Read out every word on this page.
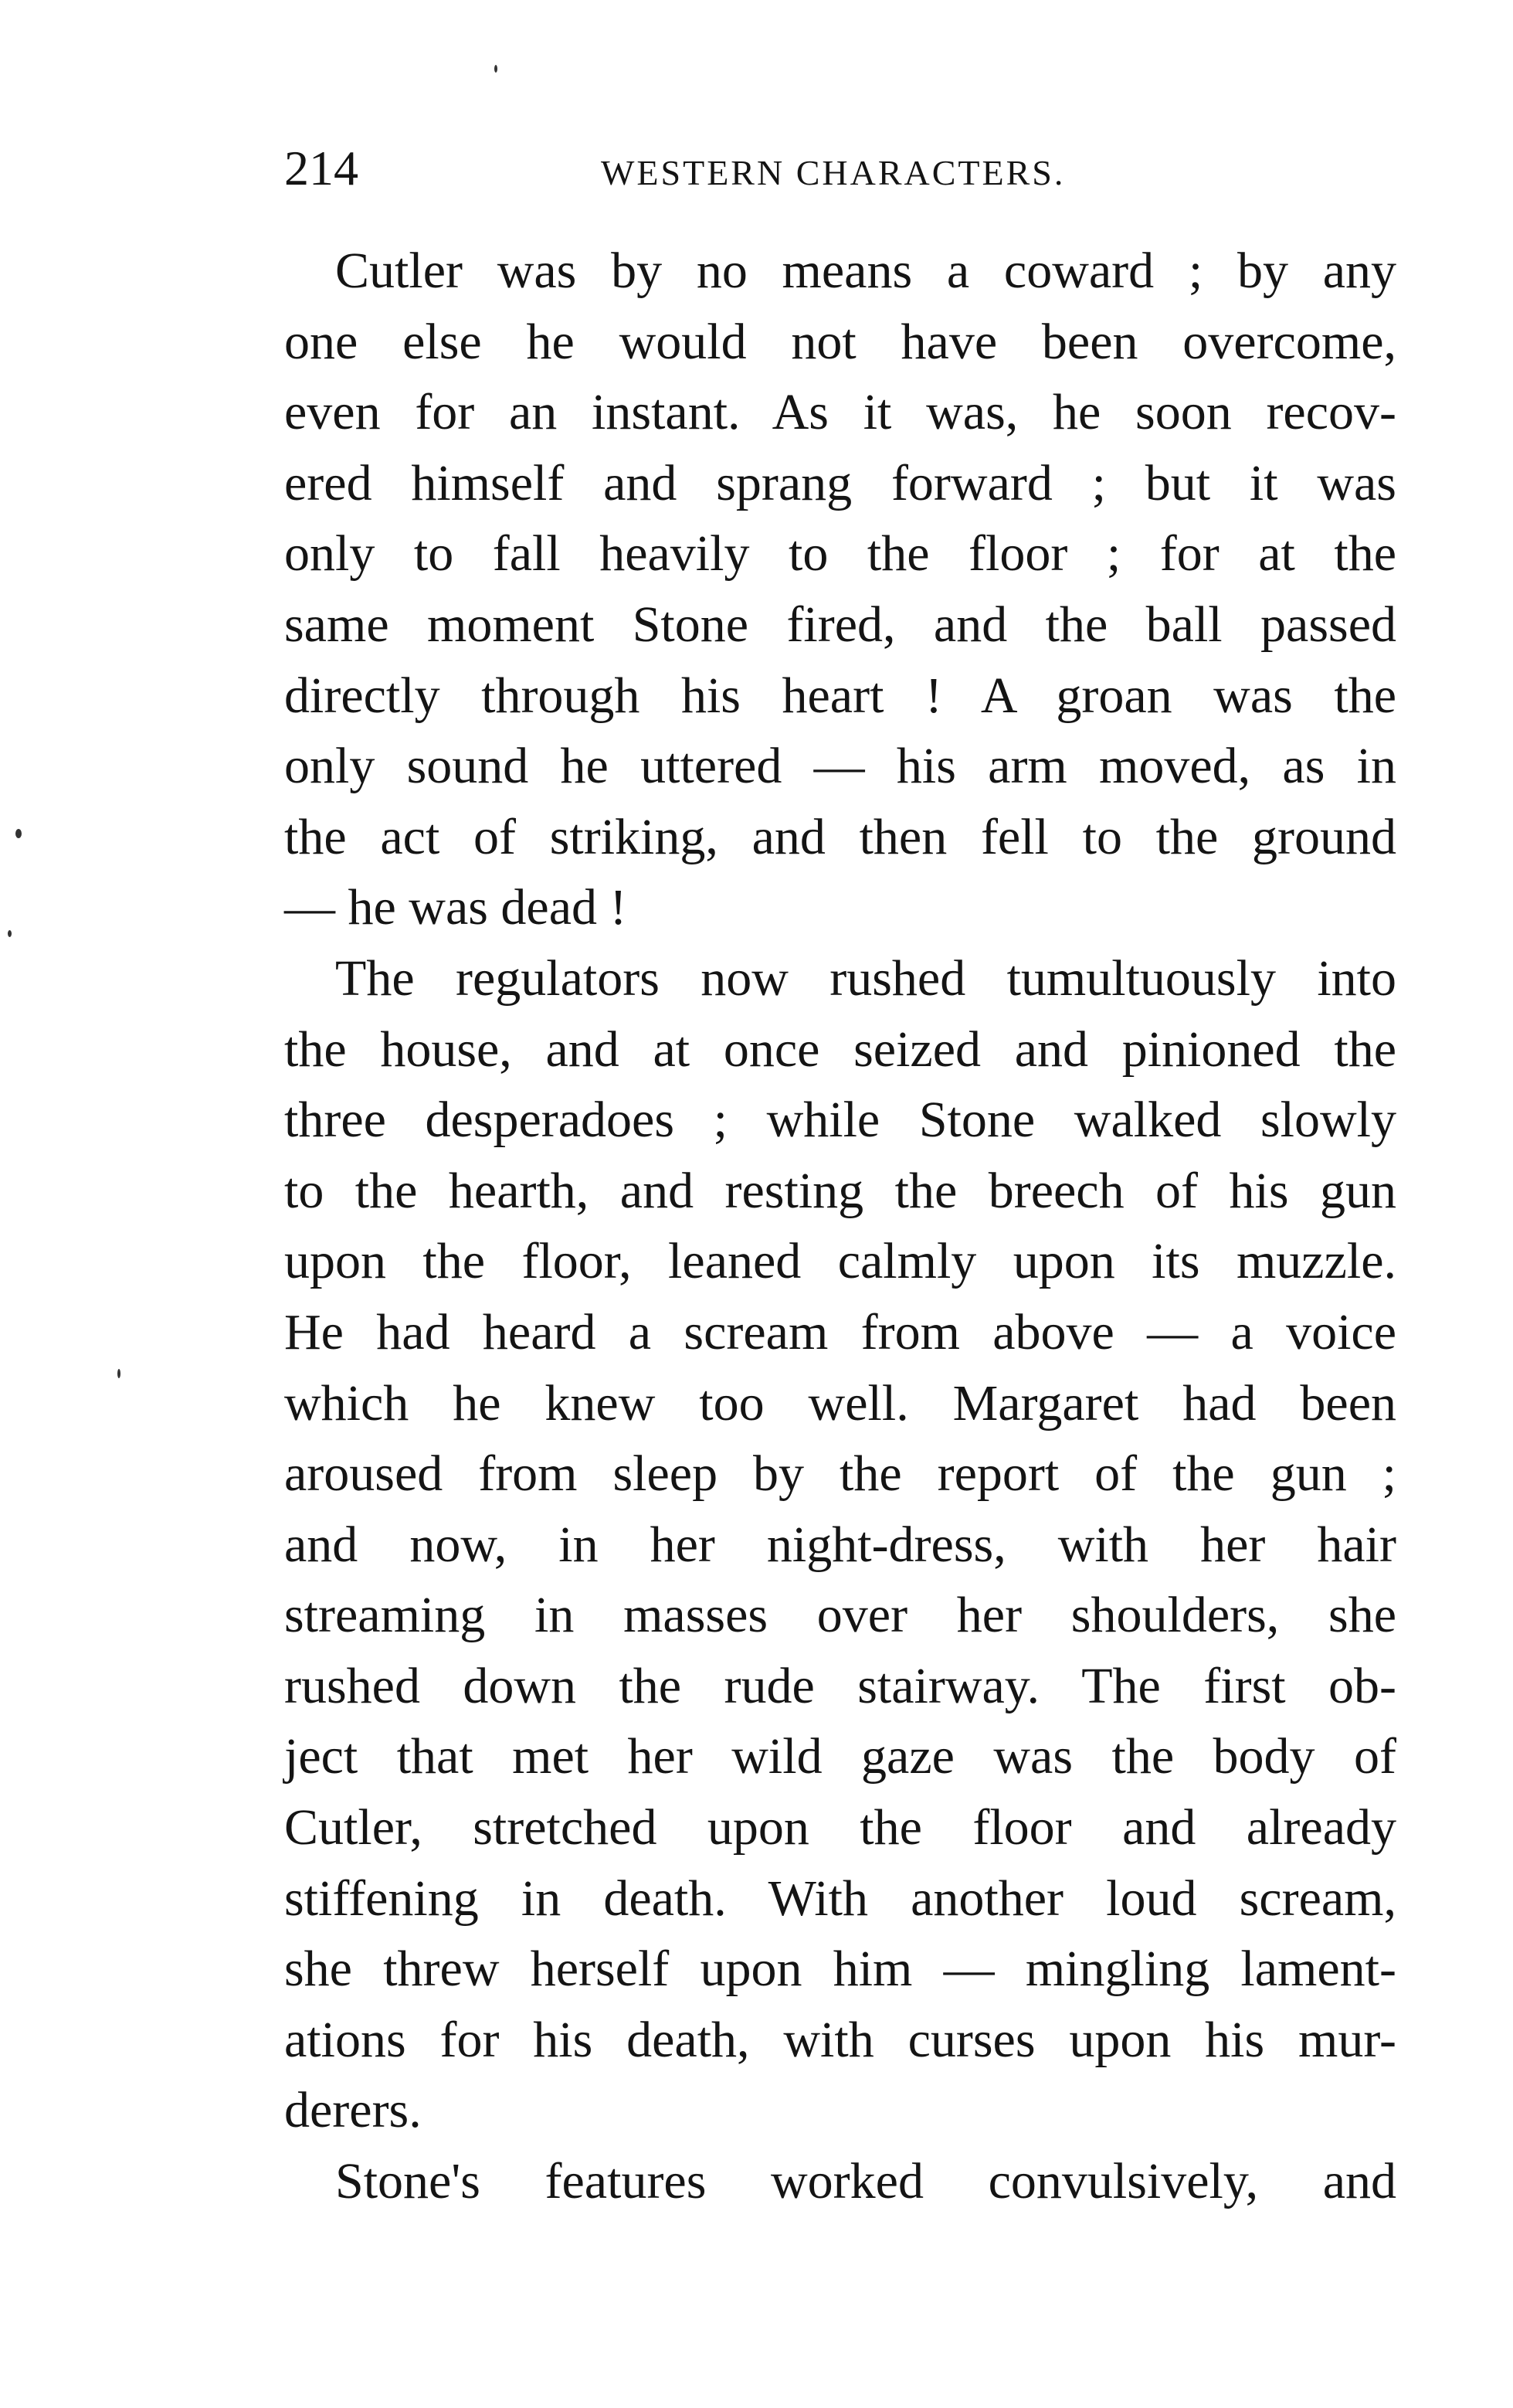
214	WESTERN CHARACTERS.

Cutler was by no means a coward ; by any
one else he would not have been overcome,
even for an instant. As it was, he soon recov-
ered himself and sprang forward ; but it was
only to fall heavily to the floor ; for at the
same moment Stone fired, and the ball passed
directly through his heart ! A groan was the
only sound he uttered — his arm moved, as in
the act of striking, and then fell to the ground
— he was dead !

The regulators now rushed tumultuously into
the house, and at once seized and pinioned the
three desperadoes ; while Stone walked slowly
to the hearth, and resting the breech of his gun
upon the floor, leaned calmly upon its muzzle.
He had heard a scream from above — a voice
which he knew too well. Margaret had been
aroused from sleep by the report of the gun ;
and now, in her night-dress, with her hair
streaming in masses over her shoulders, she
rushed down the rude stairway. The first ob-
ject that met her wild gaze was the body of
Cutler, stretched upon the floor and already
stiffening in death. With another loud scream,
she threw herself upon him — mingling lament-
ations for his death, with curses upon his mur-
derers.

Stone's features worked convulsively, and
